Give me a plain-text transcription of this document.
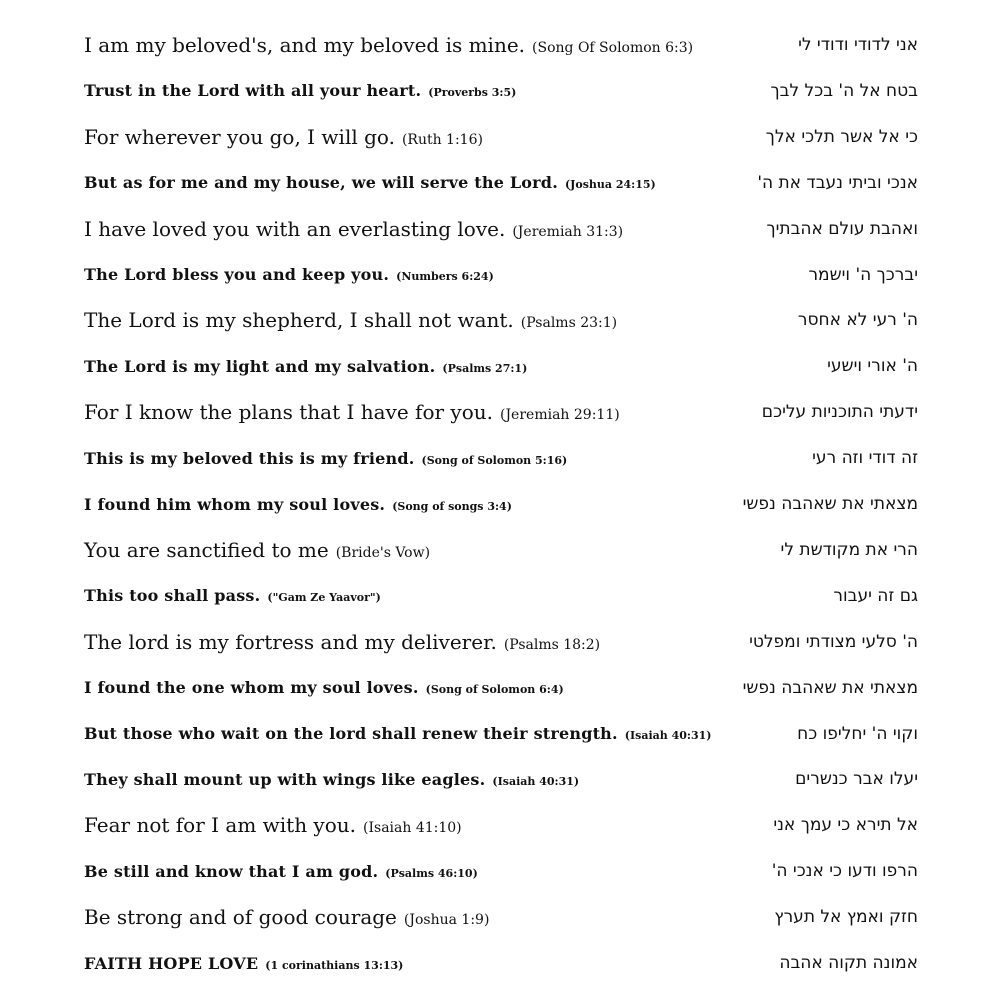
I am my beloved's, and my beloved is mine. (Song Of Solomon 6:3)	אני לדודי ודודי לי
Trust in the Lord with all your heart. (Proverbs 3:5)	בטח אל ה' בכל לבך
For wherever you go, I will go. (Ruth 1:16)	כי אל אשר תלכי אלך
But as for me and my house, we will serve the Lord. (Joshua 24:15)	אנכי וביתי נעבד את ה'
I have loved you with an everlasting love. (Jeremiah 31:3)	ואהבת עולם אהבתיך
The Lord bless you and keep you. (Numbers 6:24)	יברכך ה' וישמר
The Lord is my shepherd, I shall not want. (Psalms 23:1)	ה' רעי לא אחסר
The Lord is my light and my salvation. (Psalms 27:1)	ה' אורי וישעי
For I know the plans that I have for you. (Jeremiah 29:11)	ידעתי התוכניות עליכם
This is my beloved this is my friend. (Song of Solomon 5:16)	זה דודי וזה רעי
I found him whom my soul loves. (Song of songs 3:4)	מצאתי את שאהבה נפשי
You are sanctified to me (Bride's Vow)	הרי את מקודשת לי
This too shall pass. ("Gam Ze Yaavor")	גם זה יעבור
The lord is my fortress and my deliverer. (Psalms 18:2)	ה' סלעי מצודתי ומפלטי
I found the one whom my soul loves. (Song of Solomon 6:4)	מצאתי את שאהבה נפשי
But those who wait on the lord shall renew their strength. (Isaiah 40:31)	וקוי ה' יחליפו כח
They shall mount up with wings like eagles. (Isaiah 40:31)	יעלו אבר כנשרים
Fear not for I am with you. (Isaiah 41:10)	אל תירא כי עמך אני
Be still and know that I am god. (Psalms 46:10)	הרפו ודעו כי אנכי ה'
Be strong and of good courage (Joshua 1:9)	חזק ואמץ אל תערץ
FAITH HOPE LOVE (1 corinathians 13:13)	אמונה תקוה אהבה
